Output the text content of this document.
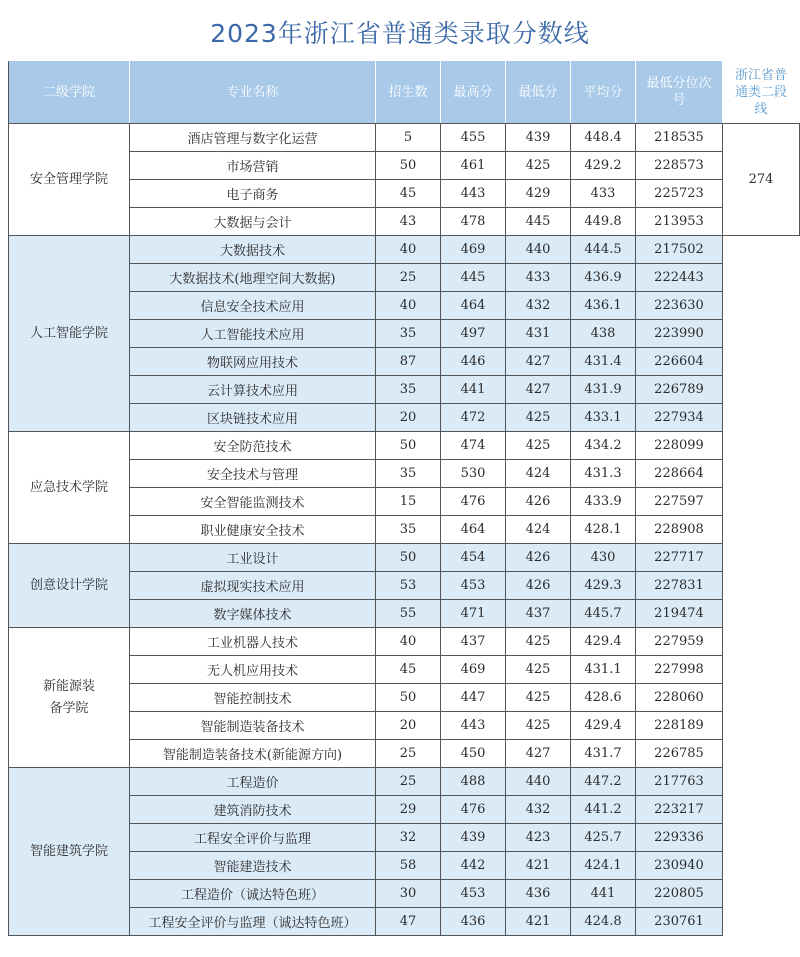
2023年浙江省普通类录取分数线
二级学院	专业名称	招生数	最高分	最低分	平均分	最低分位次号	浙江省普通类二段线
安全管理学院	酒店管理与数字化运营	5	455	439	448.4	218535	274
	市场营销	50	461	425	429.2	228573	
	电子商务	45	443	429	433	225723	
	大数据与会计	43	478	445	449.8	213953	
人工智能学院	大数据技术	40	469	440	444.5	217502	
	大数据技术(地理空间大数据)	25	445	433	436.9	222443	
	信息安全技术应用	40	464	432	436.1	223630	
	人工智能技术应用	35	497	431	438	223990	
	物联网应用技术	87	446	427	431.4	226604	
	云计算技术应用	35	441	427	431.9	226789	
	区块链技术应用	20	472	425	433.1	227934	
应急技术学院	安全防范技术	50	474	425	434.2	228099	
	安全技术与管理	35	530	424	431.3	228664	
	安全智能监测技术	15	476	426	433.9	227597	
	职业健康安全技术	35	464	424	428.1	228908	
创意设计学院	工业设计	50	454	426	430	227717	
	虚拟现实技术应用	53	453	426	429.3	227831	
	数字媒体技术	55	471	437	445.7	219474	
新能源装备学院	工业机器人技术	40	437	425	429.4	227959	
	无人机应用技术	45	469	425	431.1	227998	
	智能控制技术	50	447	425	428.6	228060	
	智能制造装备技术	20	443	425	429.4	228189	
	智能制造装备技术(新能源方向)	25	450	427	431.7	226785	
智能建筑学院	工程造价	25	488	440	447.2	217763	
	建筑消防技术	29	476	432	441.2	223217	
	工程安全评价与监理	32	439	423	425.7	229336	
	智能建造技术	58	442	421	424.1	230940	
	工程造价（诚达特色班）	30	453	436	441	220805	
	工程安全评价与监理（诚达特色班）	47	436	421	424.8	230761	
